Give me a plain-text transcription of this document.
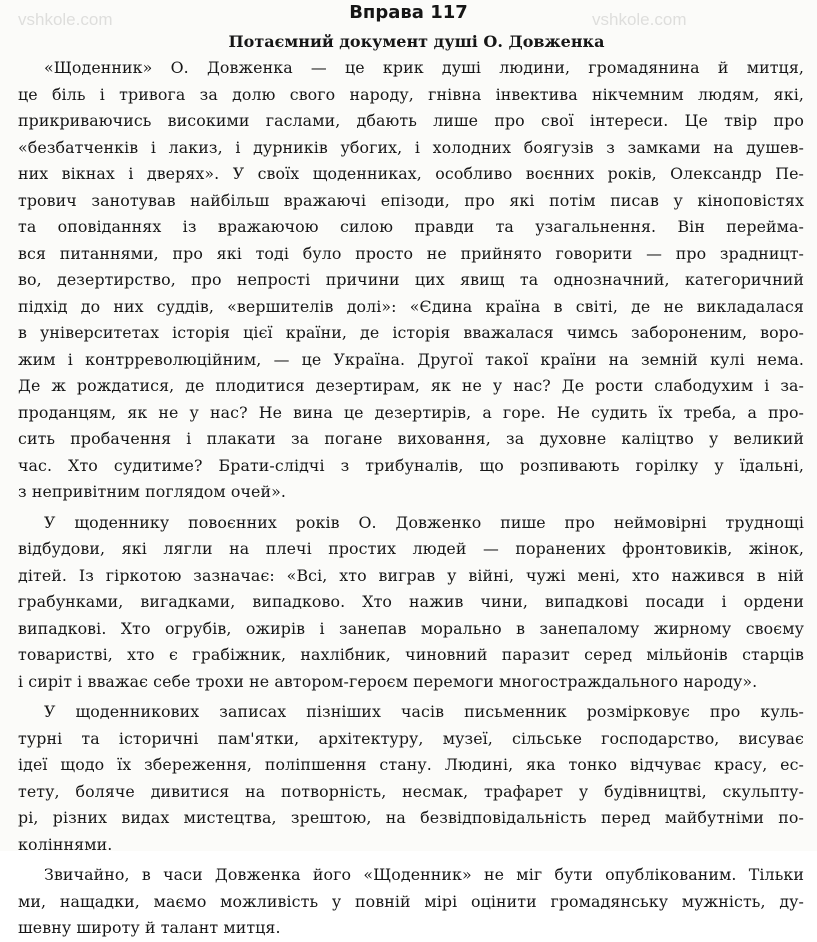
vshkole.com	vshkole.com
Вправа 117
Потаємний документ душі О. Довженка

«Щоденник» О. Довженка — це крик душі людини, громадянина й митця,
це біль і тривога за долю свого народу, гнівна інвектива нікчемним людям, які,
прикриваючись високими гаслами, дбають лише про свої інтереси. Це твір про
«безбатченків і лакиз, і дурників убогих, і холодних боягузів з замками на душев-
них вікнах і дверях». У своїх щоденниках, особливо воєнних років, Олександр Пе-
трович занотував найбільш вражаючі епізоди, про які потім писав у кіноповістях
та оповіданнях із вражаючою силою правди та узагальнення. Він перейма-
вся питаннями, про які тоді було просто не прийнято говорити — про зрадницт-
во, дезертирство, про непрості причини цих явищ та однозначний, категоричний
підхід до них суддів, «вершителів долі»: «Єдина країна в світі, де не викладалася
в університетах історія цієї країни, де історія вважалася чимсь забороненим, воро-
жим і контрреволюційним, — це Україна. Другої такої країни на земній кулі нема.
Де ж рождатися, де плодитися дезертирам, як не у нас? Де рости слабодухим і за-
проданцям, як не у нас? Не вина це дезертирів, а горе. Не судить їх треба, а про-
сить пробачення і плакати за погане виховання, за духовне каліцтво у великий
час. Хто судитиме? Брати-слідчі з трибуналів, що розпивають горілку у їдальні,
з непривітним поглядом очей».

У щоденнику повоєнних років О. Довженко пише про неймовірні труднощі
відбудови, які лягли на плечі простих людей — поранених фронтовиків, жінок,
дітей. Із гіркотою зазначає: «Всі, хто виграв у війні, чужі мені, хто нажився в ній
грабунками, вигадками, випадково. Хто нажив чини, випадкові посади і ордени
випадкові. Хто огрубів, ожирів і занепав морально в занепалому жирному своєму
товаристві, хто є грабіжник, нахлібник, чиновний паразит серед мільйонів старців
і сиріт і вважає себе трохи не автором-героєм перемоги многостраждального народу».

У щоденникових записах пізніших часів письменник розмірковує про куль-
турні та історичні пам'ятки, архітектуру, музеї, сільське господарство, висуває
ідеї щодо їх збереження, поліпшення стану. Людині, яка тонко відчуває красу, ес-
тету, боляче дивитися на потворність, несмак, трафарет у будівництві, скульпту-
рі, різних видах мистецтва, зрештою, на безвідповідальність перед майбутніми по-
коліннями.

Звичайно, в часи Довженка його «Щоденник» не міг бути опублікованим. Тільки
ми, нащадки, маємо можливість у повній мірі оцінити громадянську мужність, ду-
шевну широту й талант митця.
